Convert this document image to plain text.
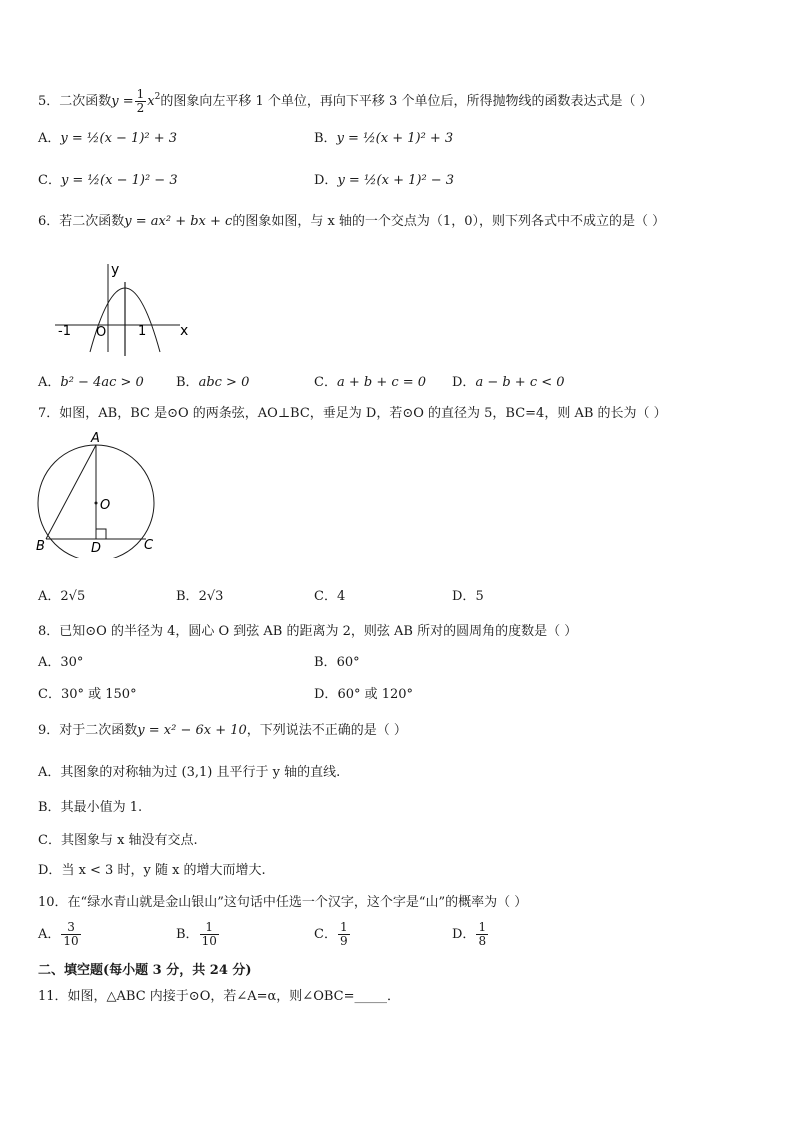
5．二次函数$y = \frac{1}{2} x^2$的图象向左平移 1 个单位，再向下平移 3 个单位后，所得抛物线的函数表达式是（ ）
A．y = ½(x − 1)² + 3	B．y = ½(x + 1)² + 3
C．y = ½(x − 1)² − 3	D．y = ½(x + 1)² − 3
6．若二次函数y = ax² + bx + c的图象如图，与 x 轴的一个交点为（1，0），则下列各式中不成立的是（ ）
-1 O 1 x
y
A．b² − 4ac > 0 B．abc > 0	C．a + b + c = 0 D．a − b + c < 0
7．如图，AB，BC 是⊙O 的两条弦，AO⊥BC，垂足为 D，若⊙O 的直径为 5，BC=4，则 AB 的长为（ ）
A
O
B	D	C
A．2√5	B．2√3	C．4	D．5
8．已知⊙O 的半径为 4，圆心 O 到弦 AB 的距离为 2，则弦 AB 所对的圆周角的度数是（ ）
A．30°	B．60°
C．30° 或 150°	D．60° 或 120°
9．对于二次函数y = x² − 6x + 10，下列说法不正确的是（ ）
A．其图象的对称轴为过 (3,1) 且平行于 y 轴的直线.
B．其最小值为 1.
C．其图象与 x 轴没有交点.
D．当 x < 3 时，y 随 x 的增大而增大.
10．在“绿水青山就是金山银山”这句话中任选一个汉字，这个字是“山”的概率为（ ）
A． $\frac{3}{10}$	B． $\frac{1}{10}$	C． $\frac{1}{9}$	D． $\frac{1}{8}$
二、填空题(每小题 3 分，共 24 分)
11．如图，△ABC 内接于⊙O，若∠A=α，则∠OBC=_____．
